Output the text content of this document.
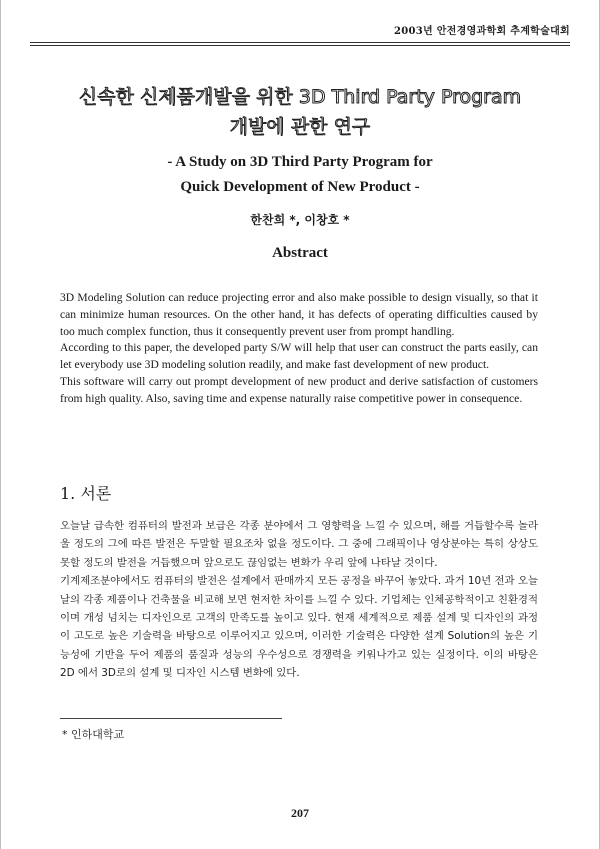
2003년 안전경영과학회 추계학술대회
신속한 신제품개발을 위한 3D Third Party Program
개발에 관한 연구
- A Study on 3D Third Party Program for
Quick Development of New Product -
한찬희 *, 이창호 *
Abstract

3D Modeling Solution can reduce projecting error and also make possible to design visually, so that it can minimize human resources. On the other hand, it has defects of operating difficulties caused by too much complex function, thus it consequently prevent user from prompt handling.

According to this paper, the developed party S/W will help that user can construct the parts easily, can let everybody use 3D modeling solution readily, and make fast development of new product.

This software will carry out prompt development of new product and derive satisfaction of customers from high quality. Also, saving time and expense naturally raise competitive power in consequence.

1. 서론

오늘날 급속한 컴퓨터의 발전과 보급은 각종 분야에서 그 영향력을 느낄 수 있으며, 해를 거듭할수록 놀라울 정도의 그에 따른 발전은 두말할 필요조차 없을 정도이다. 그 중에 그래픽이나 영상분야는 특히 상상도 못할 정도의 발전을 거듭했으며 앞으로도 끊임없는 변화가 우리 앞에 나타날 것이다.

기계제조분야에서도 컴퓨터의 발전은 설계에서 판매까지 모든 공정을 바꾸어 놓았다. 과거 10년 전과 오늘날의 각종 제품이나 건축물을 비교해 보면 현저한 차이를 느낄 수 있다. 기업체는 인체공학적이고 친환경적이며 개성 넘치는 디자인으로 고객의 만족도를 높이고 있다. 현재 세계적으로 제품 설계 및 디자인의 과정이 고도로 높은 기술력을 바탕으로 이루어지고 있으며, 이러한 기술력은 다양한 설계 Solution의 높은 기능성에 기반을 두어 제품의 품질과 성능의 우수성으로 경쟁력을 키워나가고 있는 실정이다. 이의 바탕은 2D 에서 3D로의 설계 및 디자인 시스템 변화에 있다.

* 인하대학교
207
